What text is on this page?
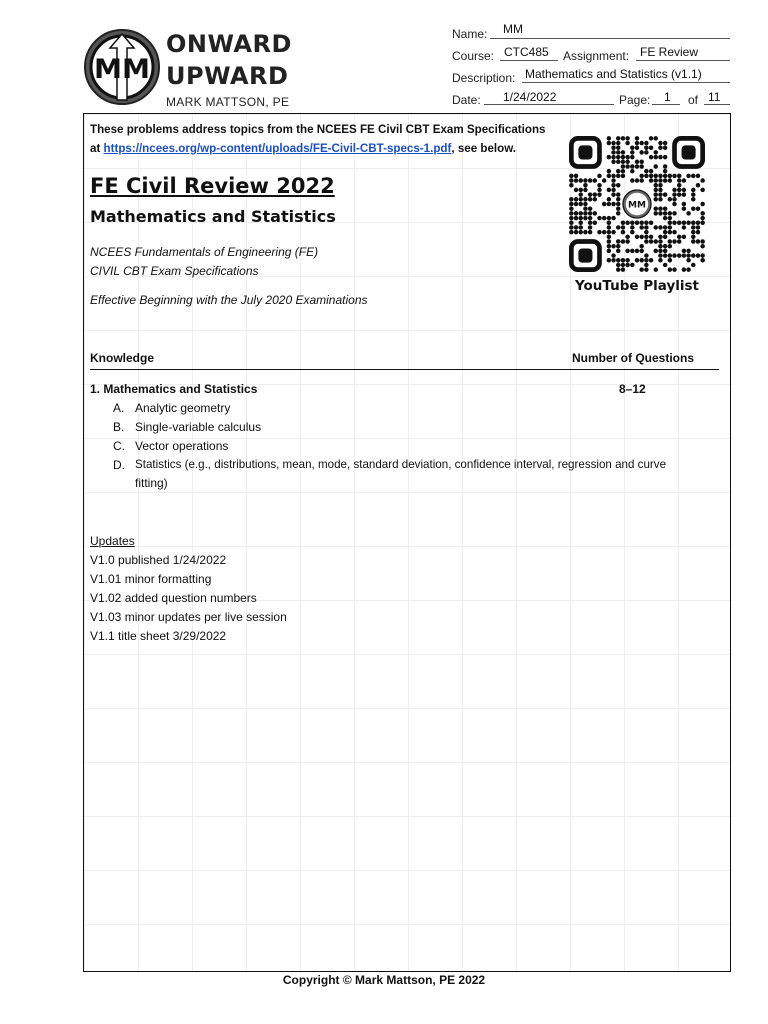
MM
ONWARD
UPWARD
MARK MATTSON, PE
Name: MM
Course: CTC485 Assignment: FE Review
Description: Mathematics and Statistics (v1.1)
Date: 1/24/2022	Page: 1 of 11
These problems address topics from the NCEES FE Civil CBT Exam Specifications
at https://ncees.org/wp-content/uploads/FE-Civil-CBT-specs-1.pdf, see below.
FE Civil Review 2022
Mathematics and Statistics
NCEES Fundamentals of Engineering (FE)
CIVIL CBT Exam Specifications
Effective Beginning with the July 2020 Examinations
MM
YouTube Playlist
Knowledge	Number of Questions
1. Mathematics and Statistics	8–12
A. Analytic geometry
B. Single-variable calculus
C. Vector operations
D. Statistics (e.g., distributions, mean, mode, standard deviation, confidence interval, regression and curve
fitting)
Updates
V1.0 published 1/24/2022
V1.01 minor formatting
V1.02 added question numbers
V1.03 minor updates per live session
V1.1 title sheet 3/29/2022
Copyright © Mark Mattson, PE 2022
